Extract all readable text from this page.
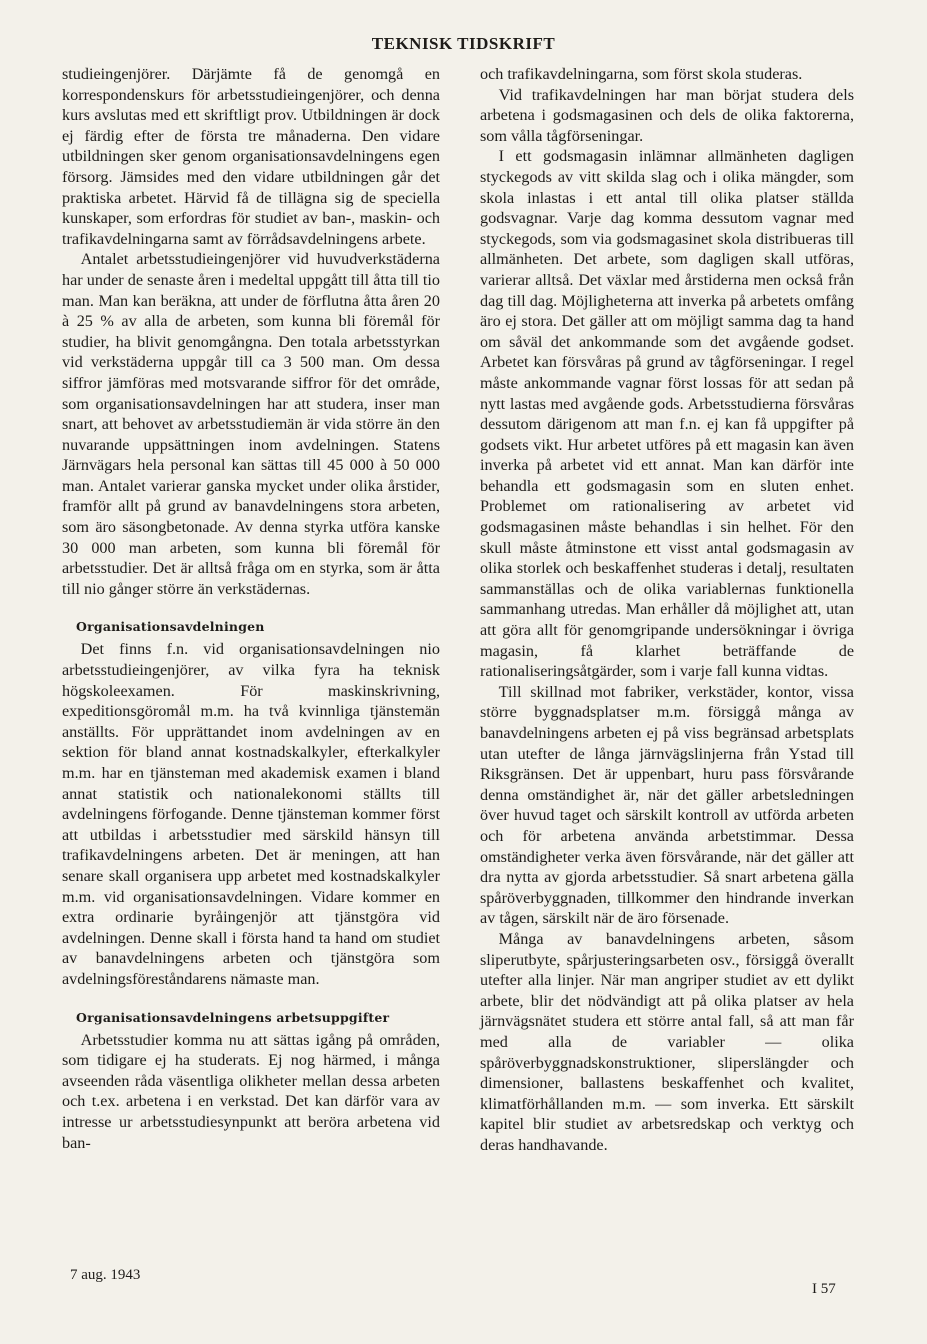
TEKNISK TIDSKRIFT

studieingenjörer. Därjämte få de genomgå en korrespondenskurs för arbetsstudieingenjörer, och denna kurs avslutas med ett skriftligt prov. Utbildningen är dock ej färdig efter de första tre månaderna. Den vidare utbildningen sker genom organisationsavdelningens egen försorg. Jämsides med den vidare utbildningen går det praktiska arbetet. Härvid få de tillägna sig de speciella kunskaper, som erfordras för studiet av ban-, maskin- och trafikavdelningarna samt av förrådsavdelningens arbete.

Antalet arbetsstudieingenjörer vid huvudverkstäderna har under de senaste åren i medeltal uppgått till åtta till tio man. Man kan beräkna, att under de förflutna åtta åren 20 à 25 % av alla de arbeten, som kunna bli föremål för studier, ha blivit genomgångna. Den totala arbetsstyrkan vid verkstäderna uppgår till ca 3 500 man. Om dessa siffror jämföras med motsvarande siffror för det område, som organisationsavdelningen har att studera, inser man snart, att behovet av arbetsstudiemän är vida större än den nuvarande uppsättningen inom avdelningen. Statens Järnvägars hela personal kan sättas till 45 000 à 50 000 man. Antalet varierar ganska mycket under olika årstider, framför allt på grund av banavdelningens stora arbeten, som äro säsongbetonade. Av denna styrka utföra kanske 30 000 man arbeten, som kunna bli föremål för arbetsstudier. Det är alltså fråga om en styrka, som är åtta till nio gånger större än verkstädernas.

Organisationsavdelningen

Det finns f.n. vid organisationsavdelningen nio arbetsstudieingenjörer, av vilka fyra ha teknisk högskoleexamen. För maskinskrivning, expeditionsgöromål m.m. ha två kvinnliga tjänstemän anställts. För upprättandet inom avdelningen av en sektion för bland annat kostnadskalkyler, efterkalkyler m.m. har en tjänsteman med akademisk examen i bland annat statistik och nationalekonomi ställts till avdelningens förfogande. Denne tjänsteman kommer först att utbildas i arbetsstudier med särskild hänsyn till trafikavdelningens arbeten. Det är meningen, att han senare skall organisera upp arbetet med kostnadskalkyler m.m. vid organisationsavdelningen. Vidare kommer en extra ordinarie byråingenjör att tjänstgöra vid avdelningen. Denne skall i första hand ta hand om studiet av banavdelningens arbeten och tjänstgöra som avdelningsföreståndarens nämaste man.

Organisationsavdelningens arbetsuppgifter

Arbetsstudier komma nu att sättas igång på områden, som tidigare ej ha studerats. Ej nog härmed, i många avseenden råda väsentliga olikheter mellan dessa arbeten och t.ex. arbetena i en verkstad. Det kan därför vara av intresse ur arbetsstudiesynpunkt att beröra arbetena vid ban-

och trafikavdelningarna, som först skola studeras.

Vid trafikavdelningen har man börjat studera dels arbetena i godsmagasinen och dels de olika faktorerna, som vålla tågförseningar.

I ett godsmagasin inlämnar allmänheten dagligen styckegods av vitt skilda slag och i olika mängder, som skola inlastas i ett antal till olika platser ställda godsvagnar. Varje dag komma dessutom vagnar med styckegods, som via godsmagasinet skola distribueras till allmänheten. Det arbete, som dagligen skall utföras, varierar alltså. Det växlar med årstiderna men också från dag till dag. Möjligheterna att inverka på arbetets omfång äro ej stora. Det gäller att om möjligt samma dag ta hand om såväl det ankommande som det avgående godset. Arbetet kan försvåras på grund av tågförseningar. I regel måste ankommande vagnar först lossas för att sedan på nytt lastas med avgående gods. Arbetsstudierna försvåras dessutom därigenom att man f.n. ej kan få uppgifter på godsets vikt. Hur arbetet utföres på ett magasin kan även inverka på arbetet vid ett annat. Man kan därför inte behandla ett godsmagasin som en sluten enhet. Problemet om rationalisering av arbetet vid godsmagasinen måste behandlas i sin helhet. För den skull måste åtminstone ett visst antal godsmagasin av olika storlek och beskaffenhet studeras i detalj, resultaten sammanställas och de olika variablernas funktionella sammanhang utredas. Man erhåller då möjlighet att, utan att göra allt för genomgripande undersökningar i övriga magasin, få klarhet beträffande de rationaliseringsåtgärder, som i varje fall kunna vidtas.

Till skillnad mot fabriker, verkstäder, kontor, vissa större byggnadsplatser m.m. försiggå många av banavdelningens arbeten ej på viss begränsad arbetsplats utan utefter de långa järnvägslinjerna från Ystad till Riksgränsen. Det är uppenbart, huru pass försvårande denna omständighet är, när det gäller arbetsledningen över huvud taget och särskilt kontroll av utförda arbeten och för arbetena använda arbetstimmar. Dessa omständigheter verka även försvårande, när det gäller att dra nytta av gjorda arbetsstudier. Så snart arbetena gälla spåröverbyggnaden, tillkommer den hindrande inverkan av tågen, särskilt när de äro försenade.

Många av banavdelningens arbeten, såsom sliperutbyte, spårjusteringsarbeten osv., försiggå överallt utefter alla linjer. När man angriper studiet av ett dylikt arbete, blir det nödvändigt att på olika platser av hela järnvägsnätet studera ett större antal fall, så att man får med alla de variabler — olika spåröverbyggnadskonstruktioner, sliperslängder och dimensioner, ballastens beskaffenhet och kvalitet, klimatförhållanden m.m. — som inverka. Ett särskilt kapitel blir studiet av arbetsredskap och verktyg och deras handhavande.

7 aug. 1943
I 57
